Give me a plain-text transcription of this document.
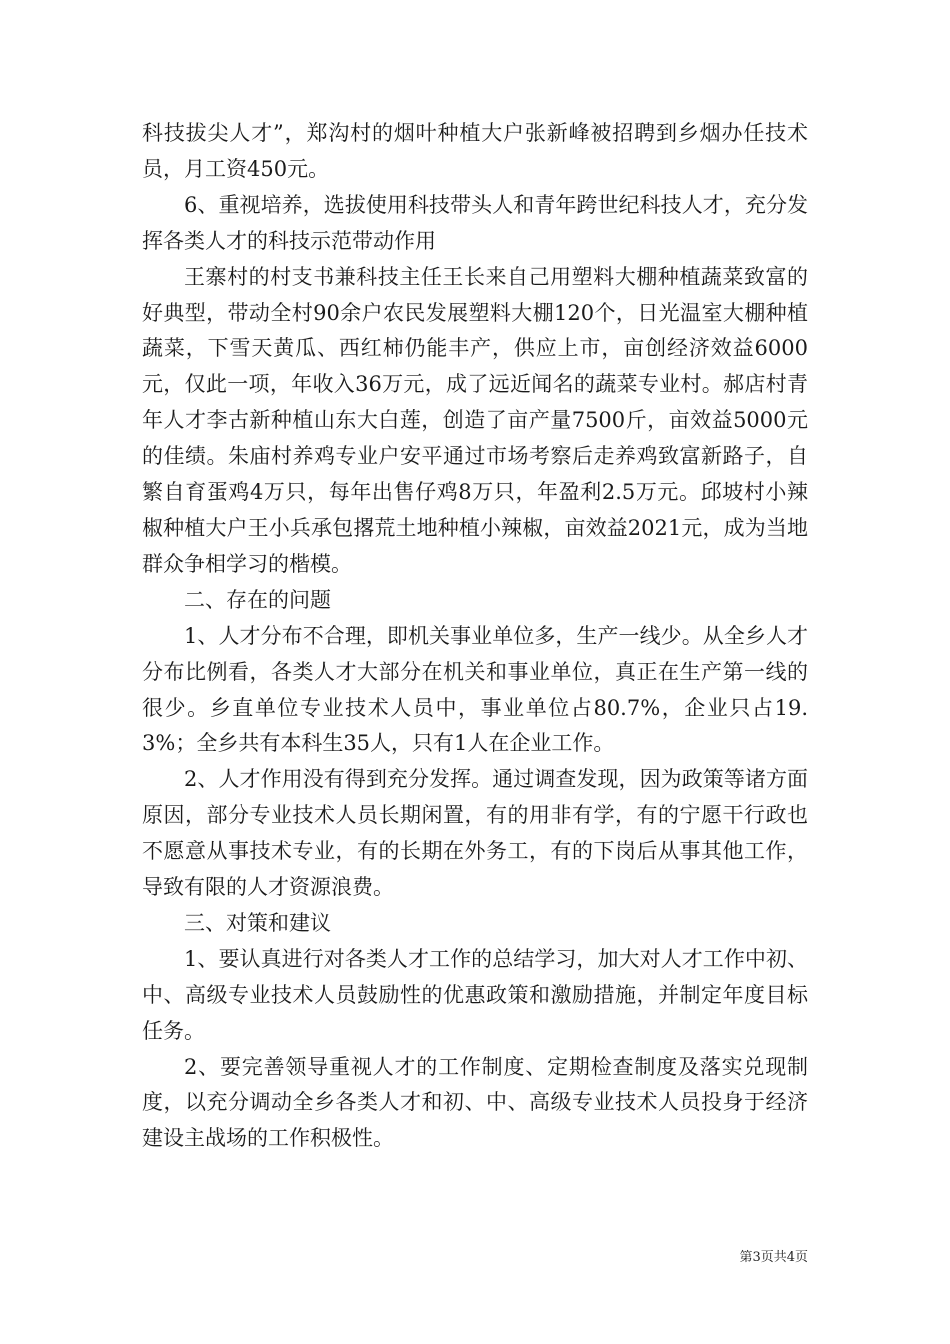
科技拔尖人才”，郑沟村的烟叶种植大户张新峰被招聘到乡烟办任技术员，月工资450元。

6、重视培养，选拔使用科技带头人和青年跨世纪科技人才，充分发挥各类人才的科技示范带动作用

王寨村的村支书兼科技主任王长来自己用塑料大棚种植蔬菜致富的好典型，带动全村90余户农民发展塑料大棚120个，日光温室大棚种植蔬菜，下雪天黄瓜、西红柿仍能丰产，供应上市，亩创经济效益6000元，仅此一项，年收入36万元，成了远近闻名的蔬菜专业村。郝店村青年人才李古新种植山东大白莲，创造了亩产量7500斤，亩效益5000元的佳绩。朱庙村养鸡专业户安平通过市场考察后走养鸡致富新路子，自繁自育蛋鸡4万只，每年出售仔鸡8万只，年盈利2.5万元。邱坡村小辣椒种植大户王小兵承包撂荒土地种植小辣椒，亩效益2021元，成为当地群众争相学习的楷模。

二、存在的问题

1、人才分布不合理，即机关事业单位多，生产一线少。从全乡人才分布比例看，各类人才大部分在机关和事业单位，真正在生产第一线的很少。乡直单位专业技术人员中，事业单位占80.7%，企业只占19.3%；全乡共有本科生35人，只有1人在企业工作。

2、人才作用没有得到充分发挥。通过调查发现，因为政策等诸方面原因，部分专业技术人员长期闲置，有的用非有学，有的宁愿干行政也不愿意从事技术专业，有的长期在外务工，有的下岗后从事其他工作，导致有限的人才资源浪费。

三、对策和建议

1、要认真进行对各类人才工作的总结学习，加大对人才工作中初、中、高级专业技术人员鼓励性的优惠政策和激励措施，并制定年度目标任务。

2、要完善领导重视人才的工作制度、定期检查制度及落实兑现制度，以充分调动全乡各类人才和初、中、高级专业技术人员投身于经济建设主战场的工作积极性。

第3页共4页
